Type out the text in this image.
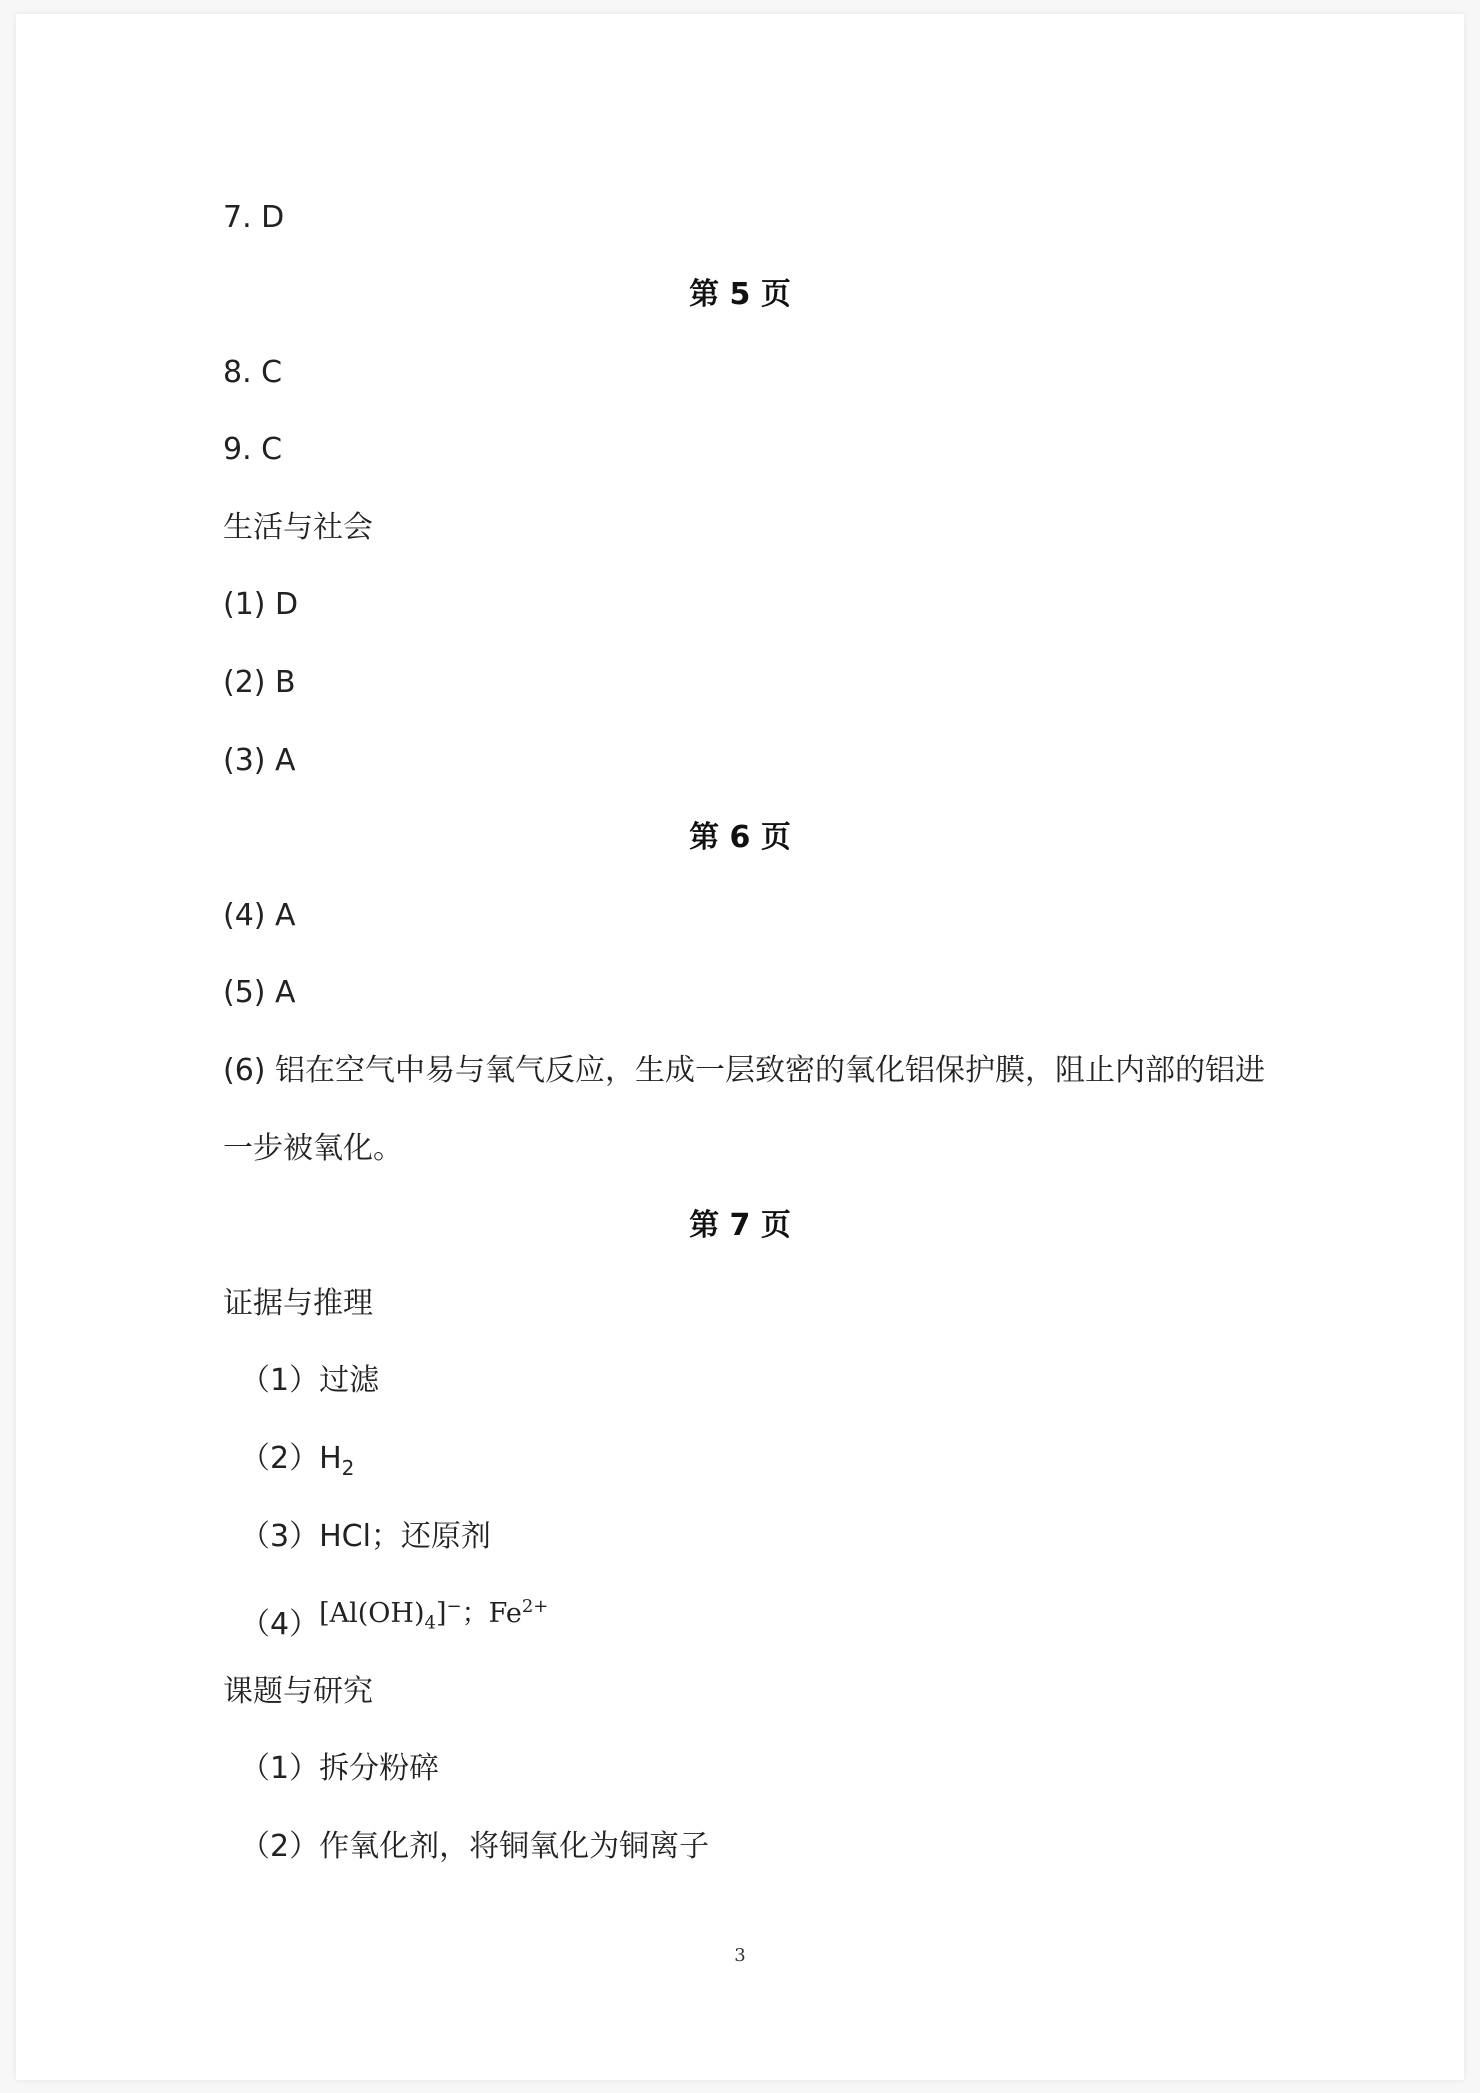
7. D
第 5 页
8. C
9. C
生活与社会
(1) D
(2) B
(3) A
第 6 页
(4) A
(5) A
(6) 铝在空气中易与氧气反应，生成一层致密的氧化铝保护膜，阻止内部的铝进
一步被氧化。
第 7 页
证据与推理
（1）过滤
$(2)H_2$
（3）HCl；还原剂
$(4)[Al(OH)_4]^-$；$Fe^{2+}$
课题与研究
（1）拆分粉碎
（2）作氧化剂，将铜氧化为铜离子
3
